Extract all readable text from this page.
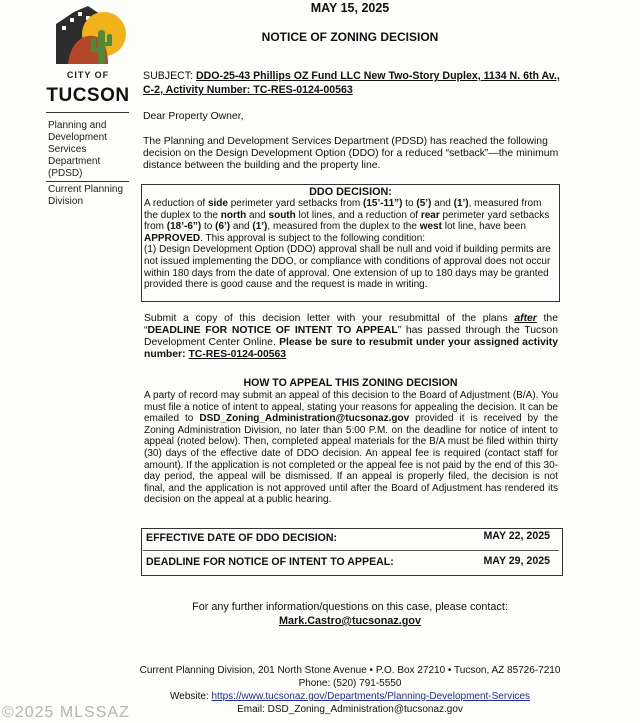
CITY OF
TUCSON
Planning and Development Services Department (PDSD)
Current Planning Division
MAY 15, 2025
NOTICE OF ZONING DECISION
SUBJECT: DDO-25-43 Phillips OZ Fund LLC New Two-Story Duplex, 1134 N. 6th Av.,
C-2, Activity Number: TC-RES-0124-00563
Dear Property Owner,
The Planning and Development Services Department (PDSD) has reached the following decision on the Design Development Option (DDO) for a reduced “setback”—the minimum distance between the building and the property line.
DDO DECISION:
A reduction of side perimeter yard setbacks from (15’-11”) to (5’) and (1’), measured from the duplex to the north and south lot lines, and a reduction of rear perimeter yard setbacks from (18’-6”) to (6’) and (1’), measured from the duplex to the west lot line, have been APPROVED. This approval is subject to the following condition:
(1) Design Development Option (DDO) approval shall be null and void if building permits are not issued implementing the DDO, or compliance with conditions of approval does not occur within 180 days from the date of approval. One extension of up to 180 days may be granted provided there is good cause and the request is made in writing.
Submit a copy of this decision letter with your resubmittal of the plans after the “DEADLINE FOR NOTICE OF INTENT TO APPEAL” has passed through the Tucson Development Center Online. Please be sure to resubmit under your assigned activity number: TC-RES-0124-00563
HOW TO APPEAL THIS ZONING DECISION
A party of record may submit an appeal of this decision to the Board of Adjustment (B/A). You must file a notice of intent to appeal, stating your reasons for appealing the decision. It can be emailed to DSD_Zoning_Administration@tucsonaz.gov provided it is received by the Zoning Administration Division, no later than 5:00 P.M. on the deadline for notice of intent to appeal (noted below). Then, completed appeal materials for the B/A must be filed within thirty (30) days of the effective date of DDO decision. An appeal fee is required (contact staff for amount). If the application is not completed or the appeal fee is not paid by the end of this 30-day period, the appeal will be dismissed. If an appeal is properly filed, the decision is not final, and the application is not approved until after the Board of Adjustment has rendered its decision on the appeal at a public hearing.
EFFECTIVE DATE OF DDO DECISION:	MAY 22, 2025
DEADLINE FOR NOTICE OF INTENT TO APPEAL:	MAY 29, 2025
For any further information/questions on this case, please contact:
Mark.Castro@tucsonaz.gov
Current Planning Division, 201 North Stone Avenue • P.O. Box 27210 • Tucson, AZ 85726-7210
Phone: (520) 791-5550
Website: https://www.tucsonaz.gov/Departments/Planning-Development-Services
Email: DSD_Zoning_Administration@tucsonaz.gov
©2025 MLSSAZ
